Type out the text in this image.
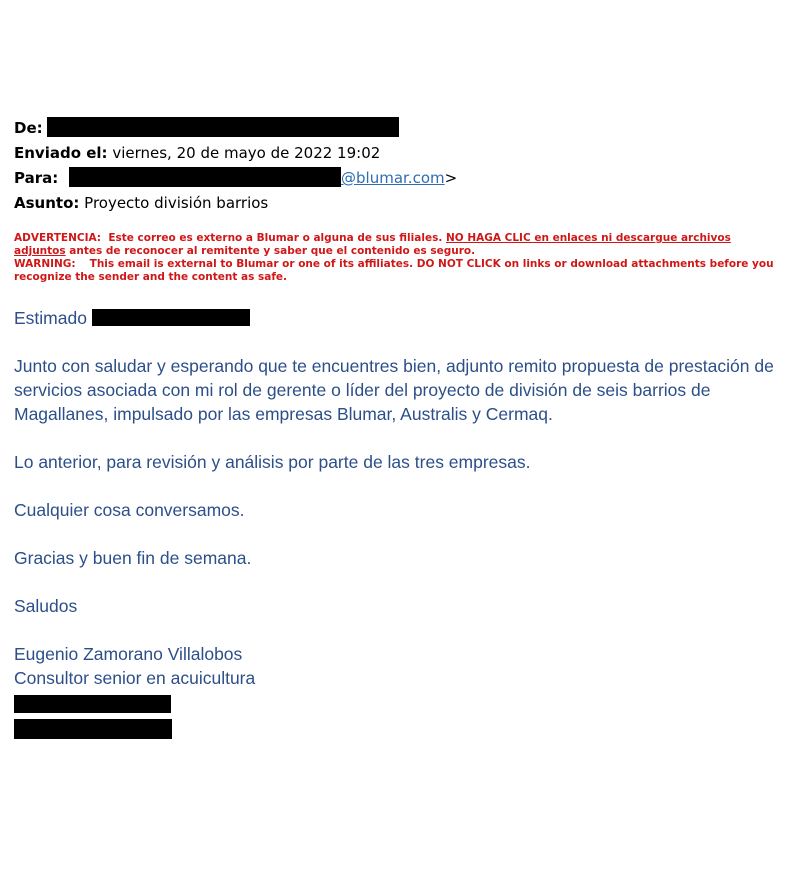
De:
Enviado el: viernes, 20 de mayo de 2022 19:02
Para:	@blumar.com>
Asunto: Proyecto división barrios

ADVERTENCIA: Este correo es externo a Blumar o alguna de sus filiales. NO HAGA CLIC en enlaces ni descargue archivos adjuntos antes de reconocer al remitente y saber que el contenido es seguro.

WARNING: This email is external to Blumar or one of its affiliates. DO NOT CLICK on links or download attachments before you recognize the sender and the content as safe.

Estimado

Junto con saludar y esperando que te encuentres bien, adjunto remito propuesta de prestación de servicios asociada con mi rol de gerente o líder del proyecto de división de seis barrios de Magallanes, impulsado por las empresas Blumar, Australis y Cermaq.

Lo anterior, para revisión y análisis por parte de las tres empresas.

Cualquier cosa conversamos.

Gracias y buen fin de semana.

Saludos

Eugenio Zamorano Villalobos

Consultor senior en acuicultura
